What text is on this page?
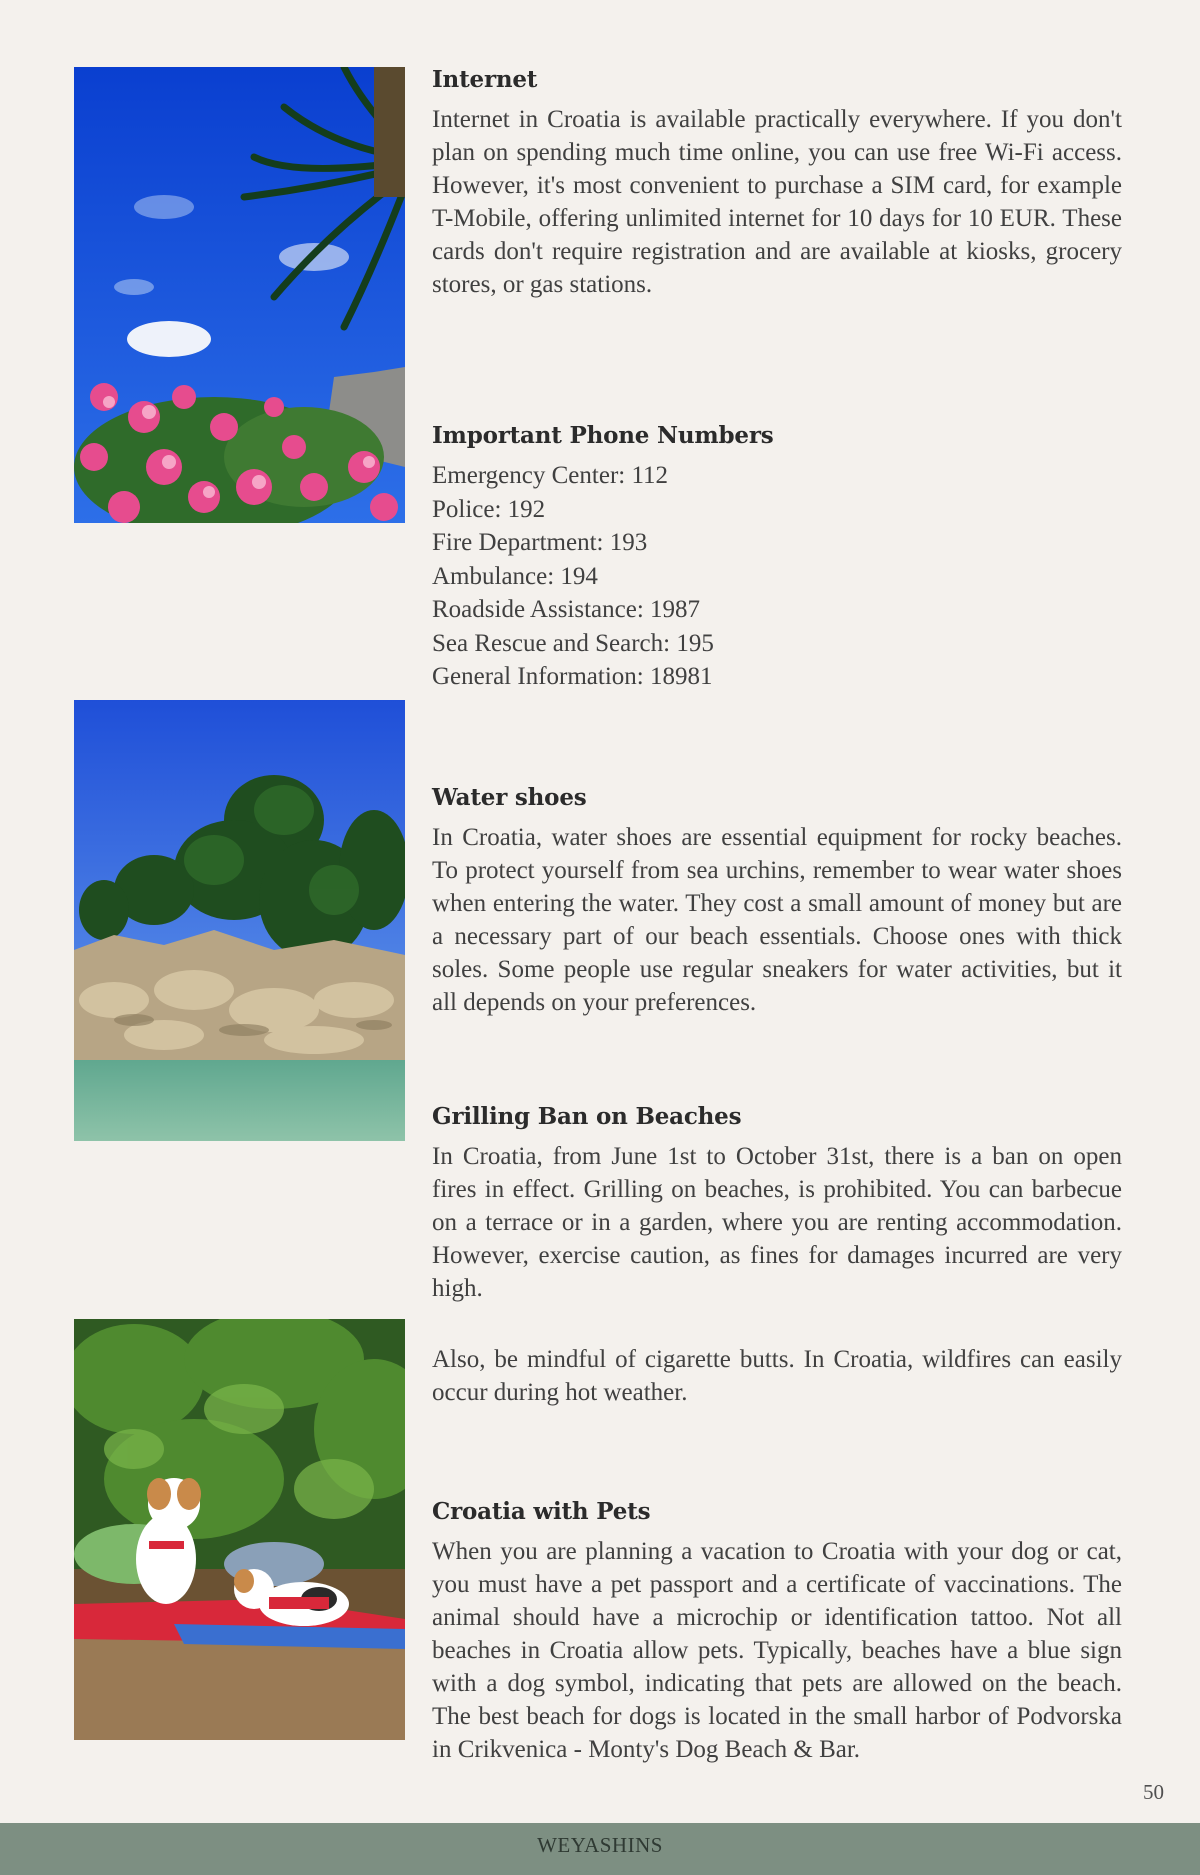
Internet

Internet in Croatia is available practically everywhere. If you don't plan on spending much time online, you can use free Wi-Fi access. However, it's most convenient to purchase a SIM card, for example T-Mobile, offering unlimited internet for 10 days for 10 EUR. These cards don't require registration and are available at kiosks, grocery stores, or gas stations.

Important Phone Numbers
Emergency Center: 112
Police: 192
Fire Department: 193
Ambulance: 194
Roadside Assistance: 1987
Sea Rescue and Search: 195
General Information: 18981
Water shoes

In Croatia, water shoes are essential equipment for rocky beaches. To protect yourself from sea urchins, remember to wear water shoes when entering the water. They cost a small amount of money but are a necessary part of our beach essentials. Choose ones with thick soles. Some people use regular sneakers for water activities, but it all depends on your preferences.

Grilling Ban on Beaches

In Croatia, from June 1st to October 31st, there is a ban on open fires in effect. Grilling on beaches, is prohibited. You can barbecue on a terrace or in a garden, where you are renting accommodation. However, exercise caution, as fines for damages incurred are very high.

Also, be mindful of cigarette butts. In Croatia, wildfires can easily occur during hot weather.

Croatia with Pets

When you are planning a vacation to Croatia with your dog or cat, you must have a pet passport and a certificate of vaccinations. The animal should have a microchip or identification tattoo. Not all beaches in Croatia allow pets. Typically, beaches have a blue sign with a dog symbol, indicating that pets are allowed on the beach. The best beach for dogs is located in the small harbor of Podvorska in Crikvenica - Monty's Dog Beach & Bar.

50
WEYASHINS
